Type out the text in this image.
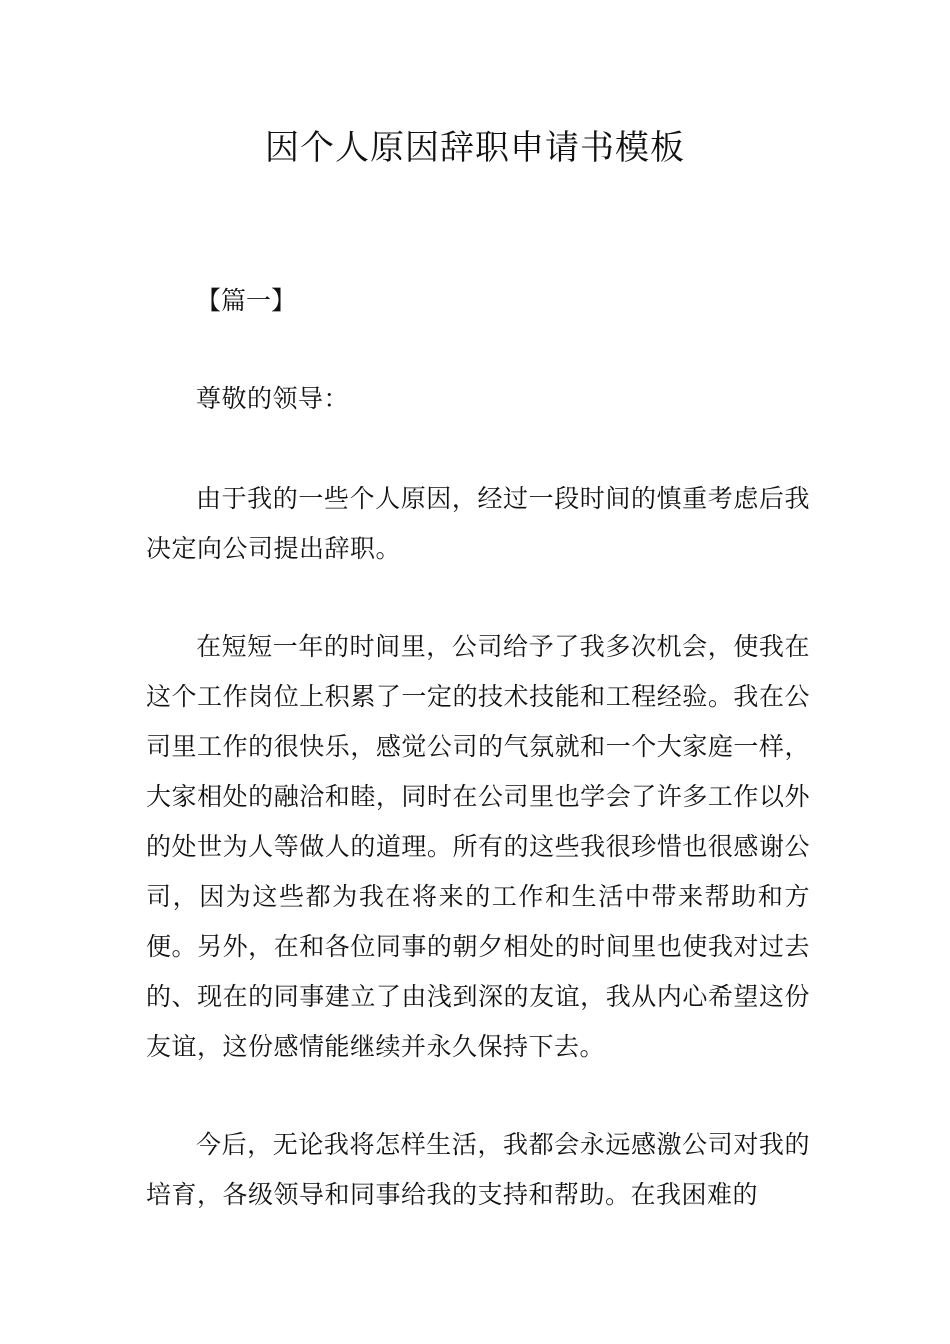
因个人原因辞职申请书模板

【篇一】

尊敬的领导：

由于我的一些个人原因，经过一段时间的慎重考虑后我决定向公司提出辞职。

在短短一年的时间里，公司给予了我多次机会，使我在这个工作岗位上积累了一定的技术技能和工程经验。我在公司里工作的很快乐，感觉公司的气氛就和一个大家庭一样，大家相处的融洽和睦，同时在公司里也学会了许多工作以外的处世为人等做人的道理。所有的这些我很珍惜也很感谢公司，因为这些都为我在将来的工作和生活中带来帮助和方便。另外，在和各位同事的朝夕相处的时间里也使我对过去的、现在的同事建立了由浅到深的友谊，我从内心希望这份友谊，这份感情能继续并永久保持下去。

今后，无论我将怎样生活，我都会永远感激公司对我的培育，各级领导和同事给我的支持和帮助。在我困难的
